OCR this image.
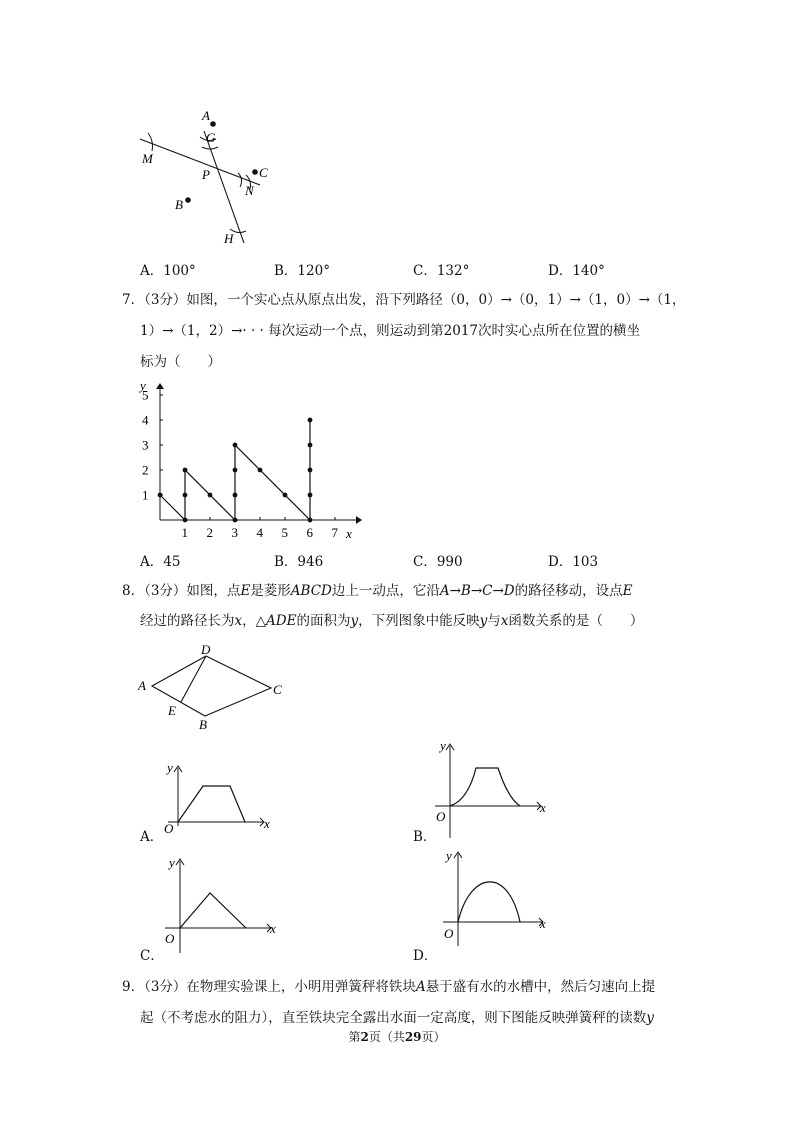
A
G
M
P	C
N
B
H
A．100°	B．120°	C．132°	D．140°
7．（3分）如图，一个实心点从原点出发，沿下列路径（0，0）→（0，1）→（1，0）→（1，
1）→（1，2）→· · · 每次运动一个点，则运动到第2017次时实心点所在位置的横坐
标为（　　）
1 2 3 4 5 6 7
1
2
3
4
5
x
y
A．45	B．946	C．990	D．103
8．（3分）如图，点E是菱形ABCD边上一动点，它沿A→B→C→D的路径移动，设点E
经过的路径长为x，△ADE的面积为y，下列图象中能反映y与x函数关系的是（　　）
A
D
C
E
B
A．
y
x
O
B．
y
x
O
C．
y
x
O
D．
y
x
O
9．（3分）在物理实验课上，小明用弹簧秤将铁块A悬于盛有水的水槽中，然后匀速向上提
起（不考虑水的阻力），直至铁块完全露出水面一定高度，则下图能反映弹簧秤的读数y
第2页（共29页）
